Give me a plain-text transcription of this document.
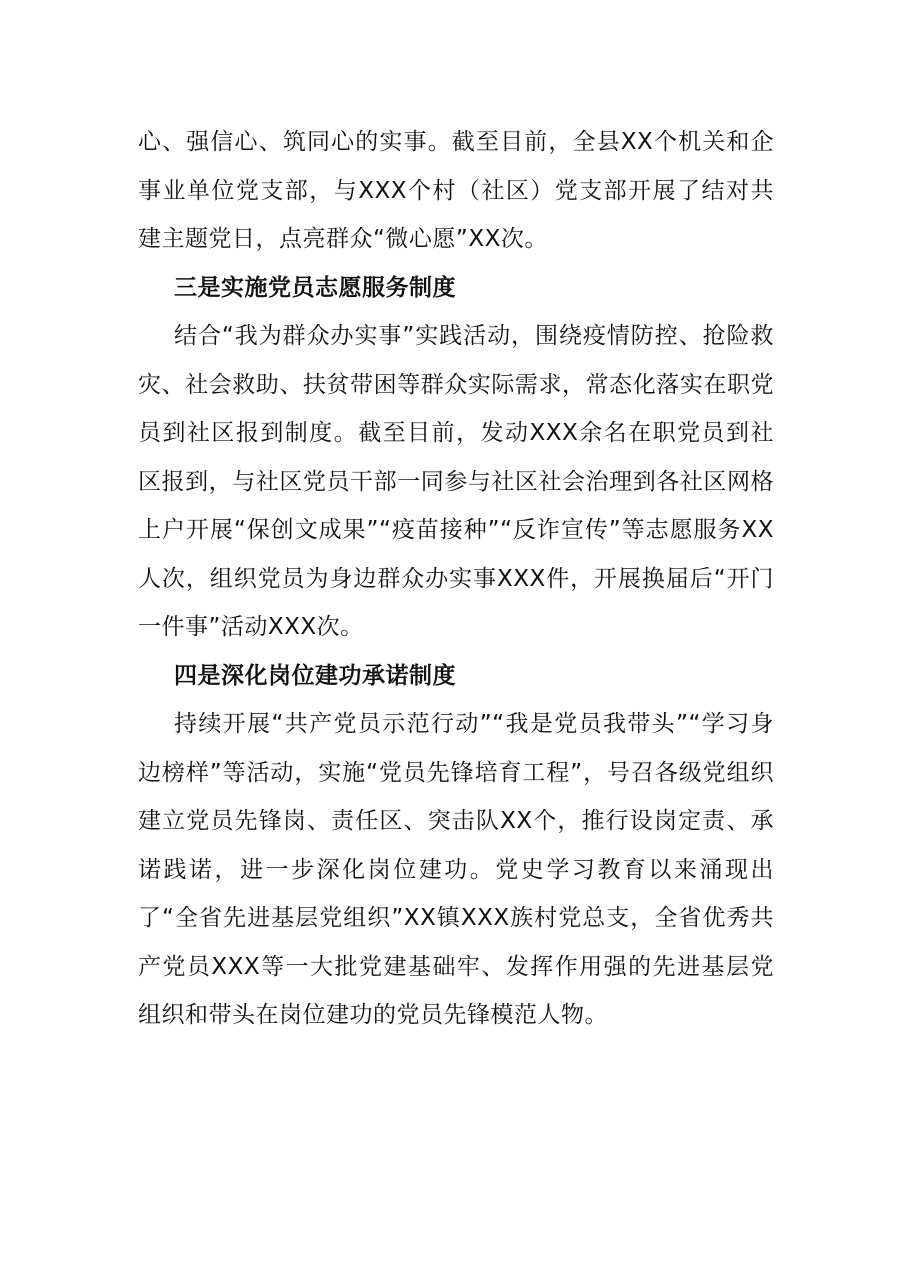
心、强信心、筑同心的实事。截至目前，全县XX个机关和企事业单位党支部，与XXX个村（社区）党支部开展了结对共建主题党日，点亮群众“微心愿”XX次。

三是实施党员志愿服务制度

结合“我为群众办实事”实践活动，围绕疫情防控、抢险救灾、社会救助、扶贫带困等群众实际需求，常态化落实在职党员到社区报到制度。截至目前，发动XXX余名在职党员到社区报到，与社区党员干部一同参与社区社会治理到各社区网格上户开展“保创文成果”“疫苗接种”“反诈宣传”等志愿服务XX人次，组织党员为身边群众办实事XXX件，开展换届后“开门一件事”活动XXX次。

四是深化岗位建功承诺制度

持续开展“共产党员示范行动”“我是党员我带头”“学习身边榜样”等活动，实施“党员先锋培育工程”，号召各级党组织建立党员先锋岗、责任区、突击队XX个，推行设岗定责、承诺践诺，进一步深化岗位建功。党史学习教育以来涌现出了“全省先进基层党组织”XX镇XXX族村党总支，全省优秀共产党员XXX等一大批党建基础牢、发挥作用强的先进基层党组织和带头在岗位建功的党员先锋模范人物。
